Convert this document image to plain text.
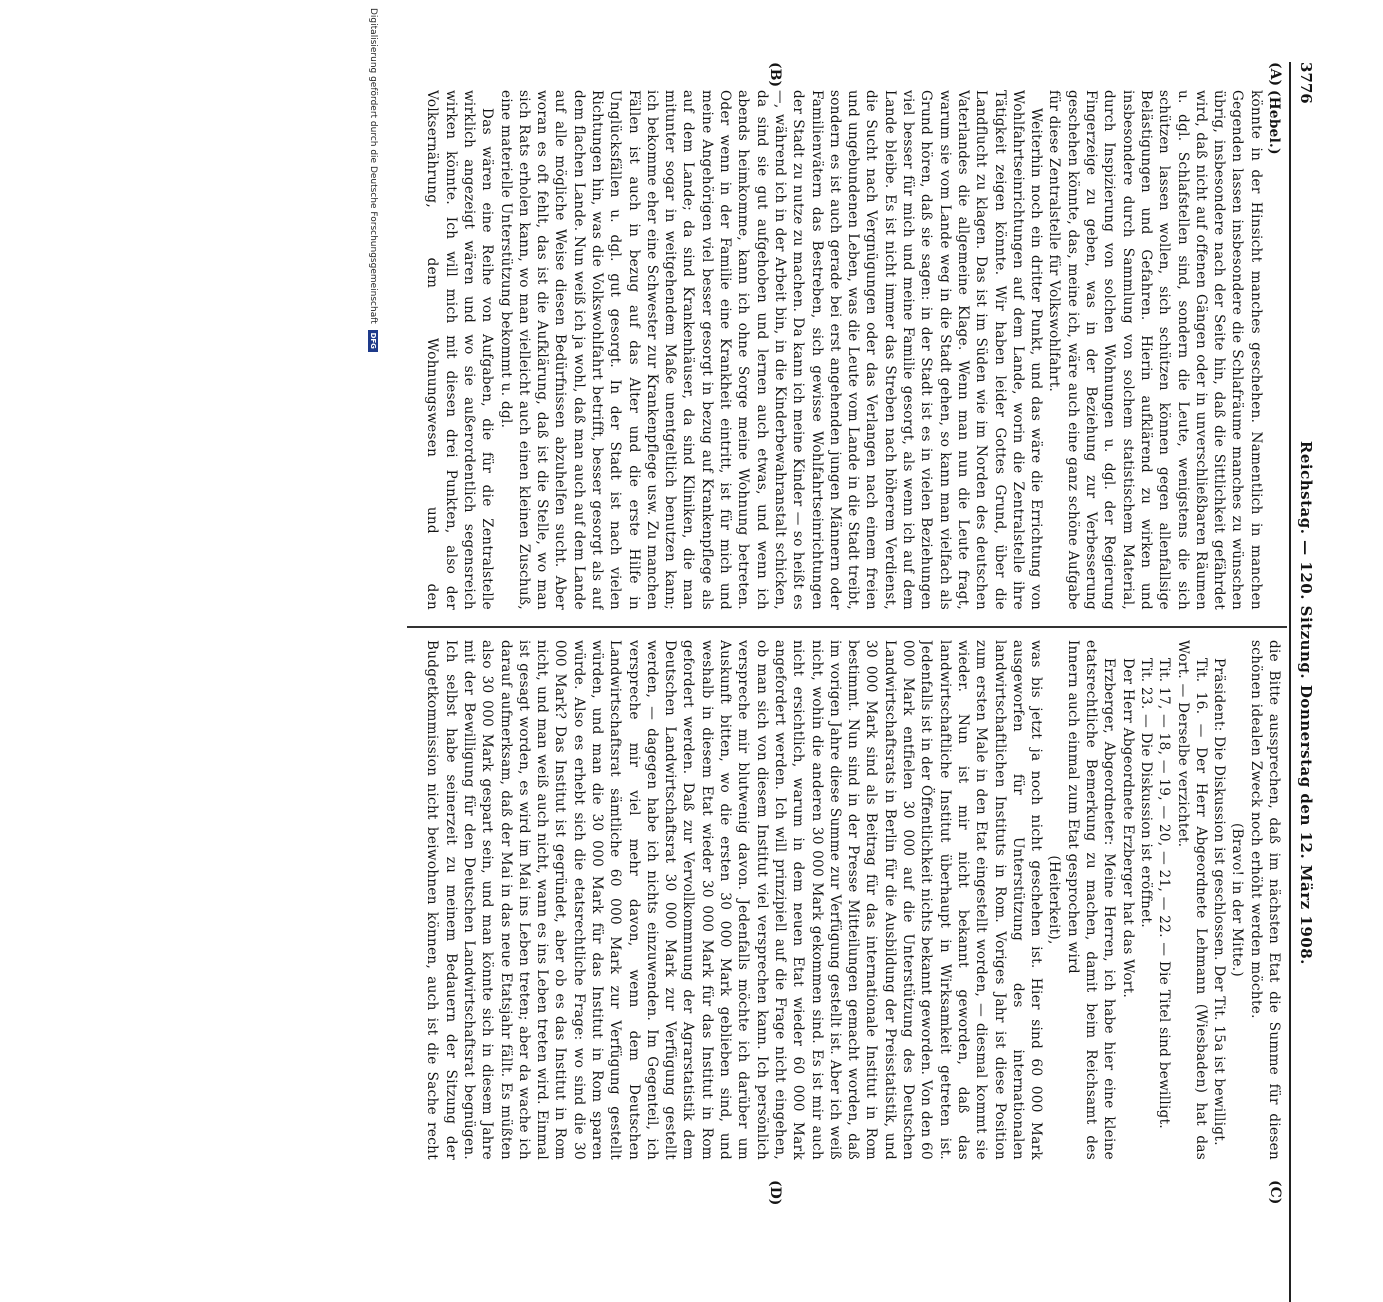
3776
Reichstag. — 120. Sitzung. Donnerstag den 12. März 1908.
(A)
(B)
(C)
(D)

(Hebel.)

könnte in der Hinsicht manches geschehen. Namentlich in manchen Gegenden lassen insbesondere die Schlafräume manches zu wünschen übrig, insbesondere nach der Seite hin, daß die Sittlichkeit gefährdet wird, daß nicht auf offenen Gängen oder in unverschließbaren Räumen u. dgl. Schlafstellen sind, sondern die Leute, wenigstens die sich schützen lassen wollen, sich schützen können gegen allenfallsige Belästigungen und Gefahren. Hierin aufklärend zu wirken und insbesondere durch Sammlung von solchem statistischem Material, durch Inspizierung von solchen Wohnungen u. dgl. der Regierung Fingerzeige zu geben, was in der Beziehung zur Verbesserung geschehen könnte, das, meine ich, wäre auch eine ganz schöne Aufgabe für diese Zentralstelle für Volkswohlfahrt.

Weiterhin noch ein dritter Punkt, und das wäre die Errichtung von Wohlfahrtseinrichtungen auf dem Lande, worin die Zentralstelle ihre Tätigkeit zeigen könnte. Wir haben leider Gottes Grund, über die Landflucht zu klagen. Das ist im Süden wie im Norden des deutschen Vaterlandes die allgemeine Klage. Wenn man nun die Leute fragt, warum sie vom Lande weg in die Stadt gehen, so kann man vielfach als Grund hören, daß sie sagen: in der Stadt ist es in vielen Beziehungen viel besser für mich und meine Familie gesorgt, als wenn ich auf dem Lande bleibe. Es ist nicht immer das Streben nach höherem Verdienst, die Sucht nach Vergnügungen oder das Verlangen nach einem freien und ungebundenen Leben, was die Leute vom Lande in die Stadt treibt, sondern es ist auch gerade bei erst angehenden jungen Männern oder Familienvätern das Bestreben, sich gewisse Wohlfahrtseinrichtungen der Stadt zu nutze zu machen. Da kann ich meine Kinder — so heißt es —, während ich in der Arbeit bin, in die Kinderbewahranstalt schicken, da sind sie gut aufgehoben und lernen auch etwas, und wenn ich abends heimkomme, kann ich ohne Sorge meine Wohnung betreten. Oder wenn in der Familie eine Krankheit eintritt, ist für mich und meine Angehörigen viel besser gesorgt in bezug auf Krankenpflege als auf dem Lande; da sind Krankenhäuser, da sind Kliniken, die man mitunter sogar in weitgehendem Maße unentgeltlich benutzen kann; ich bekomme eher eine Schwester zur Krankenpflege usw. Zu manchen Fällen ist auch in bezug auf das Alter und die erste Hilfe in Unglücksfällen u. dgl. gut gesorgt. In der Stadt ist nach vielen Richtungen hin, was die Volkswohlfahrt betrifft, besser gesorgt als auf dem flachen Lande. Nun weiß ich ja wohl, daß man auch auf dem Lande auf alle mögliche Weise diesen Bedürfnissen abzuhelfen sucht. Aber woran es oft fehlt, das ist die Aufklärung, daß ist die Stelle, wo man sich Rats erholen kann, wo man vielleicht auch einen kleinen Zuschuß, eine materielle Unterstützung bekommt u. dgl.

Das wären eine Reihe von Aufgaben, die für die Zentralstelle wirklich angezeigt wären und wo sie außerordentlich segensreich wirken könnte. Ich will mich mit diesen drei Punkten, also der Volksernährung, dem Wohnungswesen und den

die Bitte aussprechen, daß im nächsten Etat die Summe für diesen schönen idealen Zweck noch erhöht werden möchte.

(Bravo! in der Mitte.)

Präsident: Die Diskussion ist geschlossen. Der Tit. 15a ist bewilligt.

Tit. 16. — Der Herr Abgeordnete Lehmann (Wiesbaden) hat das Wort. — Derselbe verzichtet.

Tit. 17, — 18, — 19, — 20, — 21, — 22. — Die Titel sind bewilligt.

Tit. 23. — Die Diskussion ist eröffnet.

Der Herr Abgeordnete Erzberger hat das Wort.

Erzberger, Abgeordneter: Meine Herren, ich habe hier eine kleine etatsrechtliche Bemerkung zu machen, damit beim Reichsamt des Innern auch einmal zum Etat gesprochen wird

(Heiterkeit),

was bis jetzt ja noch nicht geschehen ist. Hier sind 60 000 Mark ausgeworfen für Unterstützung des internationalen landwirtschaftlichen Instituts in Rom. Voriges Jahr ist diese Position zum ersten Male in den Etat eingestellt worden, — diesmal kommt sie wieder. Nun ist mir nicht bekannt geworden, daß das landwirtschaftliche Institut überhaupt in Wirksamkeit getreten ist. Jedenfalls ist in der Öffentlichkeit nichts bekannt geworden. Von den 60 000 Mark entfielen 30 000 auf die Unterstützung des Deutschen Landwirtschaftsrats in Berlin für die Ausbildung der Preisstatistik, und 30 000 Mark sind als Beitrag für das internationale Institut in Rom bestimmt. Nun sind in der Presse Mitteilungen gemacht worden, daß im vorigen Jahre diese Summe zur Verfügung gestellt ist. Aber ich weiß nicht, wohin die anderen 30 000 Mark gekommen sind. Es ist mir auch nicht ersichtlich, warum in dem neuen Etat wieder 60 000 Mark angefordert werden. Ich will prinzipiell auf die Frage nicht eingehen, ob man sich von diesem Institut viel versprechen kann. Ich persönlich verspreche mir blutwenig davon. Jedenfalls möchte ich darüber um Auskunft bitten, wo die ersten 30 000 Mark geblieben sind, und weshalb in diesem Etat wieder 30 000 Mark für das Institut in Rom gefordert werden. Daß zur Vervollkommnung der Agrarstatistik dem Deutschen Landwirtschaftsrat 30 000 Mark zur Verfügung gestellt werden, — dagegen habe ich nichts einzuwenden. Im Gegenteil, ich verspreche mir viel mehr davon, wenn dem Deutschen Landwirtschaftsrat sämtliche 60 000 Mark zur Verfügung gestellt würden, und man die 30 000 Mark für das Institut in Rom sparen würde. Also es erhebt sich die etatsrechtliche Frage: wo sind die 30 000 Mark? Das Institut ist gegründet, aber ob es das Institut in Rom nicht, und man weiß auch nicht, wann es ins Leben treten wird. Einmal ist gesagt worden, es wird im Mai ins Leben treten; aber da wache ich darauf aufmerksam, daß der Mai in das neue Etatsjahr fällt. Es müßten also 30 000 Mark gespart sein, und man könnte sich in diesem Jahre mit der Bewilligung für den Deutschen Landwirtschaftsrat begnügen. Ich selbst habe seinerzeit zu meinem Bedauern der Sitzung der Budgetkommission nicht beiwohnen können, auch ist die Sache recht

Digitalisierung gefördert durch die Deutsche Forschungsgemeinschaft
DFG
